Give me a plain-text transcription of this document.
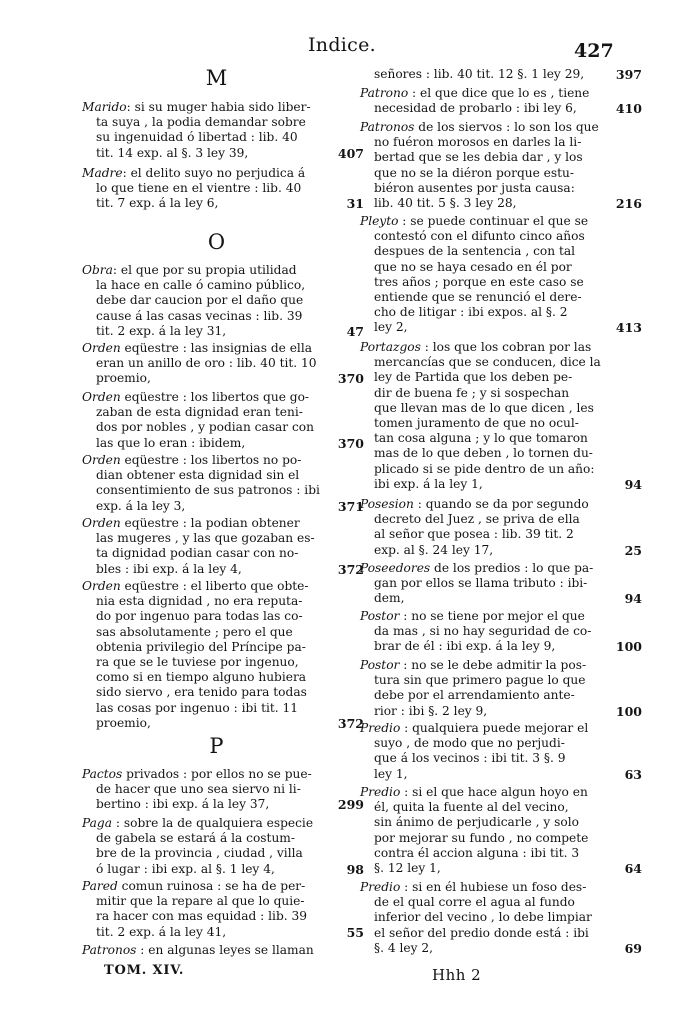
Indice.	427
M
Marido: si su muger habia sido liber-
ta suya , la podia demandar sobre
su ingenuidad ó libertad : lib. 40
tit. 14 exp. al §. 3 ley 39,	407
Madre: el delito suyo no perjudica á
lo que tiene en el vientre : lib. 40
tit. 7 exp. á la ley 6,	31
O
Obra: el que por su propia utilidad
la hace en calle ó camino público,
debe dar caucion por el daño que
cause á las casas vecinas : lib. 39
tit. 2 exp. á la ley 31,	47
Orden eqüestre : las insignias de ella
eran un anillo de oro : lib. 40 tit. 10
proemio,	370
Orden eqüestre : los libertos que go-
zaban de esta dignidad eran teni-
dos por nobles , y podian casar con
las que lo eran : ibidem,	370
Orden eqüestre : los libertos no po-
dian obtener esta dignidad sin el
consentimiento de sus patronos : ibi
exp. á la ley 3,	371
Orden eqüestre : la podian obtener
las mugeres , y las que gozaban es-
ta dignidad podian casar con no-
bles : ibi exp. á la ley 4,	372
Orden eqüestre : el liberto que obte-
nia esta dignidad , no era reputa-
do por ingenuo para todas las co-
sas absolutamente ; pero el que
obtenia privilegio del Príncipe pa-
ra que se le tuviese por ingenuo,
como si en tiempo alguno hubiera
sido siervo , era tenido para todas
las cosas por ingenuo : ibi tit. 11
proemio,	372
P
Pactos privados : por ellos no se pue-
de hacer que uno sea siervo ni li-
bertino : ibi exp. á la ley 37,	299
Paga : sobre la de qualquiera especie
de gabela se estará á la costum-
bre de la provincia , ciudad , villa
ó lugar : ibi exp. al §. 1 ley 4,	98
Pared comun ruinosa : se ha de per-
mitir que la repare al que lo quie-
ra hacer con mas equidad : lib. 39
tit. 2 exp. á la ley 41,	55
Patronos : en algunas leyes se llaman
señores : lib. 40 tit. 12 §. 1 ley 29,	397
Patrono : el que dice que lo es , tiene
necesidad de probarlo : ibi ley 6,	410
Patronos de los siervos : lo son los que
no fuéron morosos en darles la li-
bertad que se les debia dar , y los
que no se la diéron porque estu-
biéron ausentes por justa causa:
lib. 40 tit. 5 §. 3 ley 28,	216
Pleyto : se puede continuar el que se
contestó con el difunto cinco años
despues de la sentencia , con tal
que no se haya cesado en él por
tres años ; porque en este caso se
entiende que se renunció el dere-
cho de litigar : ibi expos. al §. 2
ley 2,	413
Portazgos : los que los cobran por las
mercancías que se conducen, dice la
ley de Partida que los deben pe-
dir de buena fe ; y si sospechan
que llevan mas de lo que dicen , les
tomen juramento de que no ocul-
tan cosa alguna ; y lo que tomaron
mas de lo que deben , lo tornen du-
plicado si se pide dentro de un año:
ibi exp. á la ley 1,	94
Posesion : quando se da por segundo
decreto del Juez , se priva de ella
al señor que posea : lib. 39 tit. 2
exp. al §. 24 ley 17,	25
Poseedores de los predios : lo que pa-
gan por ellos se llama tributo : ibi-
dem,	94
Postor : no se tiene por mejor el que
da mas , si no hay seguridad de co-
brar de él : ibi exp. á la ley 9,	100
Postor : no se le debe admitir la pos-
tura sin que primero pague lo que
debe por el arrendamiento ante-
rior : ibi §. 2 ley 9,	100
Predio : qualquiera puede mejorar el
suyo , de modo que no perjudi-
que á los vecinos : ibi tit. 3 §. 9
ley 1,	63
Predio : si el que hace algun hoyo en
él, quita la fuente al del vecino,
sin ánimo de perjudicarle , y solo
por mejorar su fundo , no compete
contra él accion alguna : ibi tit. 3
§. 12 ley 1,	64
Predio : si en él hubiese un foso des-
de el qual corre el agua al fundo
inferior del vecino , lo debe limpiar
el señor del predio donde está : ibi
§. 4 ley 2,	69
TOM. XIV.	Hhh 2
